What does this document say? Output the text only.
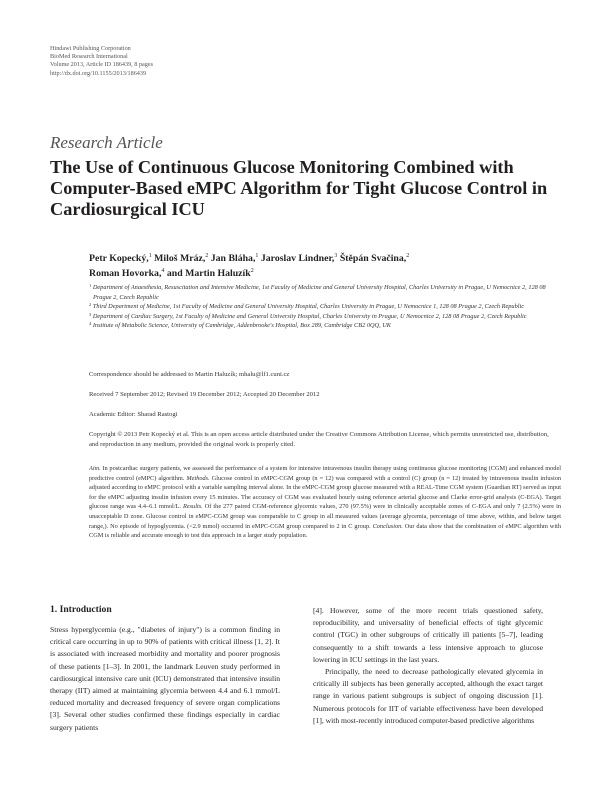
Hindawi Publishing Corporation
BioMed Research International
Volume 2013, Article ID 186439, 8 pages
http://dx.doi.org/10.1155/2013/186439
Research Article
The Use of Continuous Glucose Monitoring Combined with Computer-Based eMPC Algorithm for Tight Glucose Control in Cardiosurgical ICU
Petr Kopecký,$^1$ Miloš Mráz,$^2$ Jan Bláha,$^1$ Jaroslav Lindner,$^3$ Štěpán Svačina,$^2$
Roman Hovorka,$^4$ and Martin Haluzík$^2$
$^1$ Department of Anaesthesia, Resuscitation and Intensive Medicine, 1st Faculty of Medicine and General University Hospital, Charles University in Prague, U Nemocnice 2, 128 08 Prague 2, Czech Republic
$^2$ Third Department of Medicine, 1st Faculty of Medicine and General University Hospital, Charles University in Prague, U Nemocnice 1, 128 08 Prague 2, Czech Republic
$^3$ Department of Cardiac Surgery, 1st Faculty of Medicine and General University Hospital, Charles University in Prague, U Nemocnice 2, 128 08 Prague 2, Czech Republic
$^4$ Institute of Metabolic Science, University of Cambridge, Addenbrooke's Hospital, Box 289, Cambridge CB2 0QQ, UK
Correspondence should be addressed to Martin Haluzík; mhalu@lf1.cuni.cz
Received 7 September 2012; Revised 19 December 2012; Accepted 20 December 2012
Academic Editor: Sharad Rastogi
Copyright © 2013 Petr Kopecký et al. This is an open access article distributed under the Creative Commons Attribution License, which permits unrestricted use, distribution, and reproduction in any medium, provided the original work is properly cited.
Aim. In postcardiac surgery patients, we assessed the performance of a system for intensive intravenous insulin therapy using continuous glucose monitoring (CGM) and enhanced model predictive control (eMPC) algorithm. Methods. Glucose control in eMPC-CGM group (n = 12) was compared with a control (C) group (n = 12) treated by intravenous insulin infusion adjusted according to eMPC protocol with a variable sampling interval alone. In the eMPC-CGM group glucose measured with a REAL-Time CGM system (Guardian RT) served as input for the eMPC adjusting insulin infusion every 15 minutes. The accuracy of CGM was evaluated hourly using reference arterial glucose and Clarke error-grid analysis (C-EGA). Target glucose range was 4.4–6.1 mmol/L. Results. Of the 277 paired CGM-reference glycemic values, 270 (97.5%) were in clinically acceptable zones of C-EGA and only 7 (2.5%) were in unacceptable D zone. Glucose control in eMPC-CGM group was comparable to C group in all measured values (average glycemia, percentage of time above, within, and below target range,). No episode of hypoglycemia. (<2.9 mmol) occurred in eMPC-CGM group compared to 2 in C group. Conclusion. Our data show that the combination of eMPC algorithm with CGM is reliable and accurate enough to test this approach in a larger study population.
1. Introduction

Stress hyperglycemia (e.g., "diabetes of injury") is a common finding in critical care occurring in up to 90% of patients with critical illness [1, 2]. It is associated with increased morbidity and mortality and poorer prognosis of these patients [1–3]. In 2001, the landmark Leuven study performed in cardiosurgical intensive care unit (ICU) demonstrated that intensive insulin therapy (IIT) aimed at maintaining glycemia between 4.4 and 6.1 mmol/L reduced mortality and decreased frequency of severe organ complications [3]. Several other studies confirmed these findings especially in cardiac surgery patients

[4]. However, some of the more recent trials questioned safety, reproducibility, and universality of beneficial effects of tight glycemic control (TGC) in other subgroups of critically ill patients [5–7], leading consequently to a shift towards a less intensive approach to glucose lowering in ICU settings in the last years.

Principally, the need to decrease pathologically elevated glycemia in critically ill subjects has been generally accepted, although the exact target range in various patient subgroups is subject of ongoing discussion [1]. Numerous protocols for IIT of variable effectiveness have been developed [1], with most-recently introduced computer-based predictive algorithms
